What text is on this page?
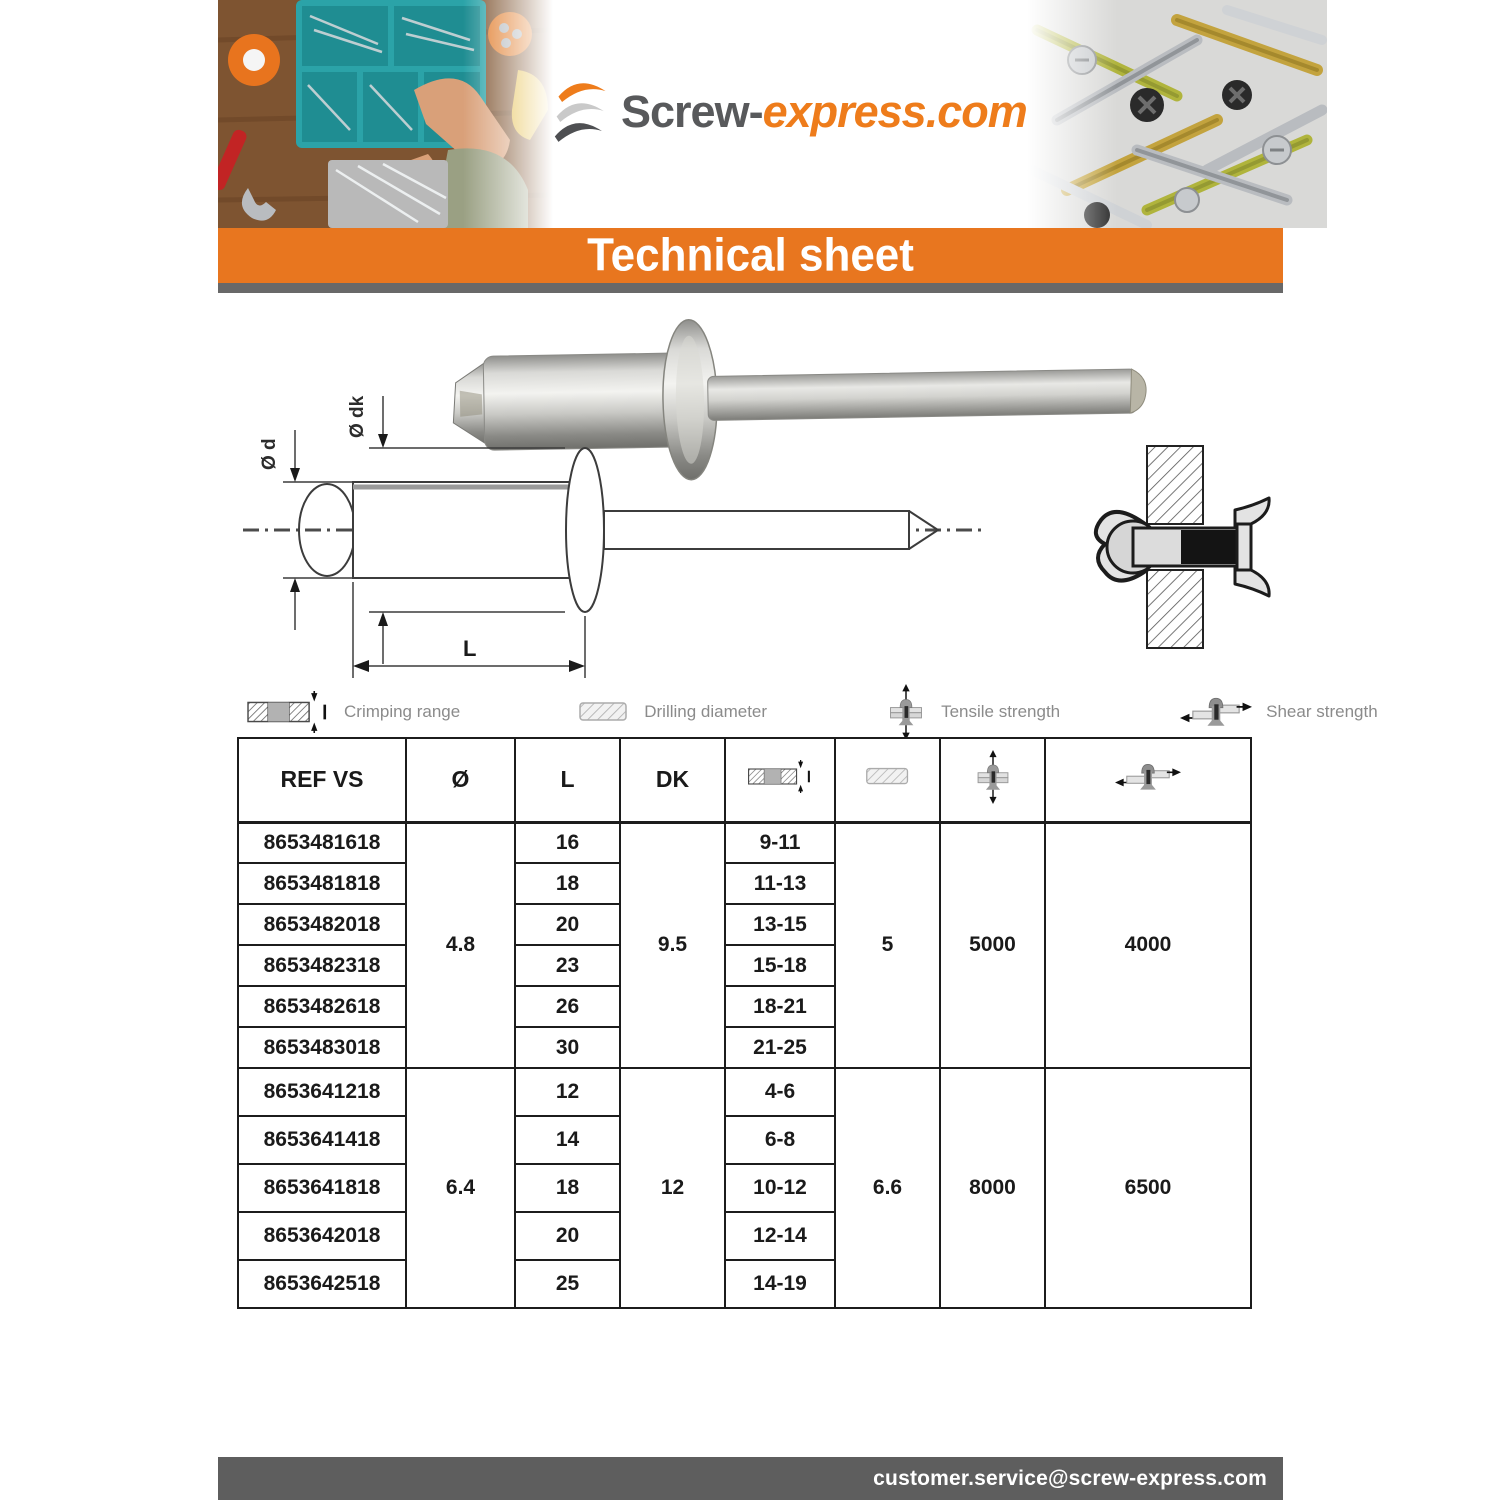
Screw-express.com
Technical sheet
Ø d
Ø dk
L
Crimping range	Drilling diameter	Tensile strength	Shear strength
REF VS	Ø	L	DK				
8653481618	4.8	16	9.5	9-11	5	5000	4000
8653481818		18		11-13			
8653482018		20		13-15			
8653482318		23		15-18			
8653482618		26		18-21			
8653483018		30		21-25			
8653641218	6.4	12	12	4-6	6.6	8000	6500
8653641418		14		6-8			
8653641818		18		10-12			
8653642018		20		12-14			
8653642518		25		14-19			
customer.service@screw-express.com
